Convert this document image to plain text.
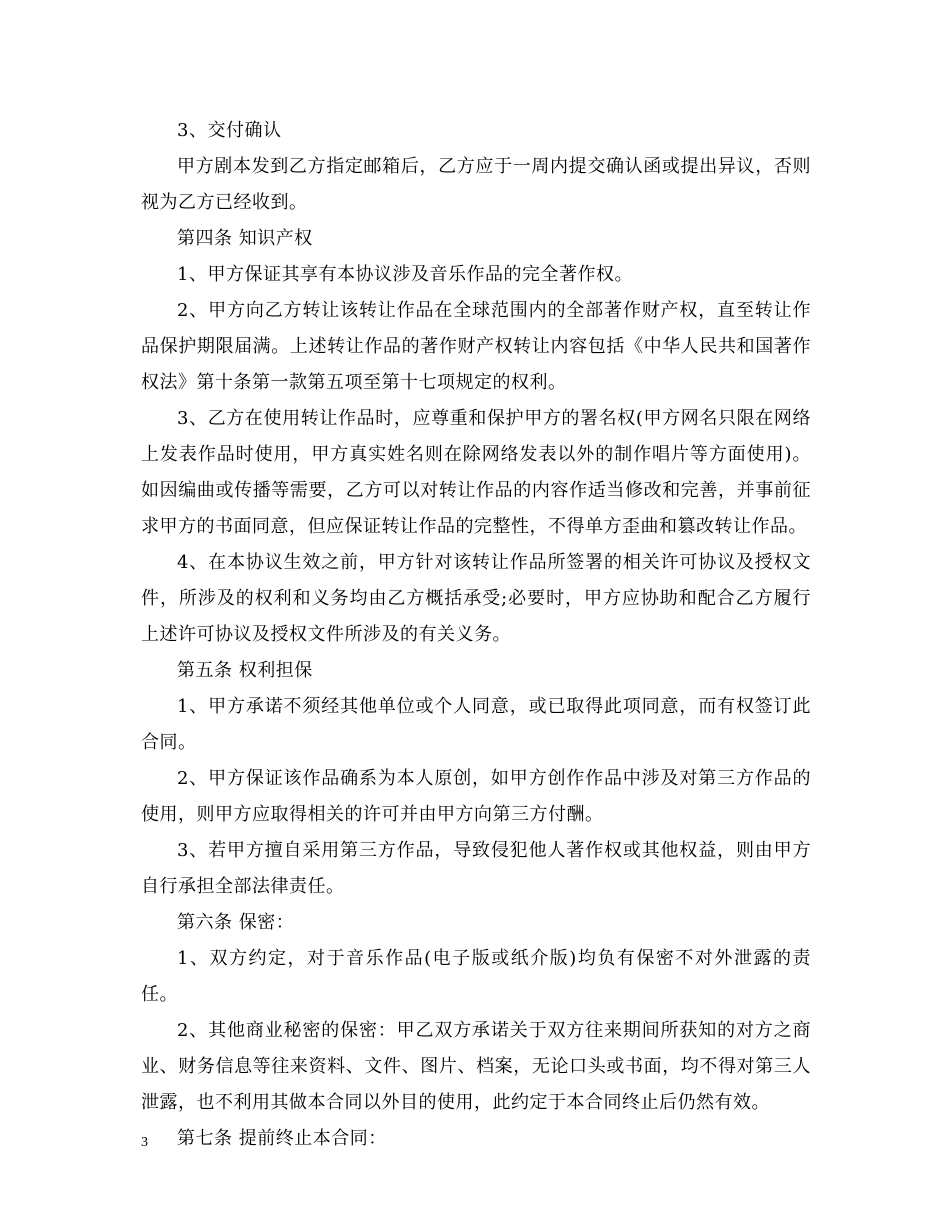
3、交付确认

甲方剧本发到乙方指定邮箱后，乙方应于一周内提交确认函或提出异议，否则视为乙方已经收到。

第四条 知识产权

1、甲方保证其享有本协议涉及音乐作品的完全著作权。

2、甲方向乙方转让该转让作品在全球范围内的全部著作财产权，直至转让作品保护期限届满。上述转让作品的著作财产权转让内容包括《中华人民共和国著作权法》第十条第一款第五项至第十七项规定的权利。

3、乙方在使用转让作品时，应尊重和保护甲方的署名权(甲方网名只限在网络上发表作品时使用，甲方真实姓名则在除网络发表以外的制作唱片等方面使用)。如因编曲或传播等需要，乙方可以对转让作品的内容作适当修改和完善，并事前征求甲方的书面同意，但应保证转让作品的完整性，不得单方歪曲和篡改转让作品。

4、在本协议生效之前，甲方针对该转让作品所签署的相关许可协议及授权文件，所涉及的权利和义务均由乙方概括承受;必要时，甲方应协助和配合乙方履行上述许可协议及授权文件所涉及的有关义务。

第五条 权利担保

1、甲方承诺不须经其他单位或个人同意，或已取得此项同意，而有权签订此合同。

2、甲方保证该作品确系为本人原创，如甲方创作作品中涉及对第三方作品的使用，则甲方应取得相关的许可并由甲方向第三方付酬。

3、若甲方擅自采用第三方作品，导致侵犯他人著作权或其他权益，则由甲方自行承担全部法律责任。

第六条 保密：

1、双方约定，对于音乐作品(电子版或纸介版)均负有保密不对外泄露的责任。

2、其他商业秘密的保密：甲乙双方承诺关于双方往来期间所获知的对方之商业、财务信息等往来资料、文件、图片、档案，无论口头或书面，均不得对第三人泄露，也不利用其做本合同以外目的使用，此约定于本合同终止后仍然有效。

第七条 提前终止本合同：

3
